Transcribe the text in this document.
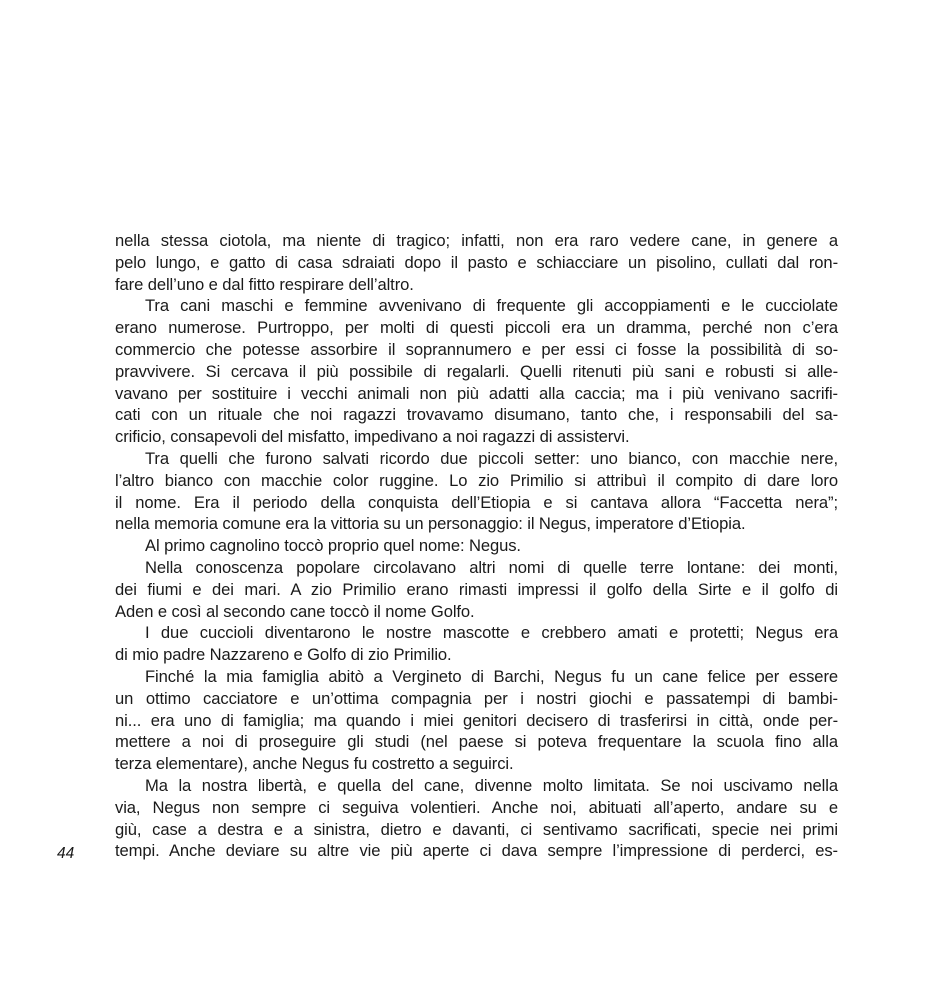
44
nella stessa ciotola, ma niente di tragico; infatti, non era raro vedere cane, in genere a
pelo lungo, e gatto di casa sdraiati dopo il pasto e schiacciare un pisolino, cullati dal ron-
fare dell’uno e dal fitto respirare dell’altro.
Tra cani maschi e femmine avvenivano di frequente gli accoppiamenti e le cucciolate
erano numerose. Purtroppo, per molti di questi piccoli era un dramma, perché non c’era
commercio che potesse assorbire il soprannumero e per essi ci fosse la possibilità di so-
pravvivere. Si cercava il più possibile di regalarli. Quelli ritenuti più sani e robusti si alle-
vavano per sostituire i vecchi animali non più adatti alla caccia; ma i più venivano sacrifi-
cati con un rituale che noi ragazzi trovavamo disumano, tanto che, i responsabili del sa-
crificio, consapevoli del misfatto, impedivano a noi ragazzi di assistervi.
Tra quelli che furono salvati ricordo due piccoli setter: uno bianco, con macchie nere,
l’altro bianco con macchie color ruggine. Lo zio Primilio si attribuì il compito di dare loro
il nome. Era il periodo della conquista dell’Etiopia e si cantava allora “Faccetta nera”;
nella memoria comune era la vittoria su un personaggio: il Negus, imperatore d’Etiopia.
Al primo cagnolino toccò proprio quel nome: Negus.
Nella conoscenza popolare circolavano altri nomi di quelle terre lontane: dei monti,
dei fiumi e dei mari. A zio Primilio erano rimasti impressi il golfo della Sirte e il golfo di
Aden e così al secondo cane toccò il nome Golfo.
I due cuccioli diventarono le nostre mascotte e crebbero amati e protetti; Negus era
di mio padre Nazzareno e Golfo di zio Primilio.
Finché la mia famiglia abitò a Vergineto di Barchi, Negus fu un cane felice per essere
un ottimo cacciatore e un’ottima compagnia per i nostri giochi e passatempi di bambi-
ni... era uno di famiglia; ma quando i miei genitori decisero di trasferirsi in città, onde per-
mettere a noi di proseguire gli studi (nel paese si poteva frequentare la scuola fino alla
terza elementare), anche Negus fu costretto a seguirci.
Ma la nostra libertà, e quella del cane, divenne molto limitata. Se noi uscivamo nella
via, Negus non sempre ci seguiva volentieri. Anche noi, abituati all’aperto, andare su e
giù, case a destra e a sinistra, dietro e davanti, ci sentivamo sacrificati, specie nei primi
tempi. Anche deviare su altre vie più aperte ci dava sempre l’impressione di perderci, es-
